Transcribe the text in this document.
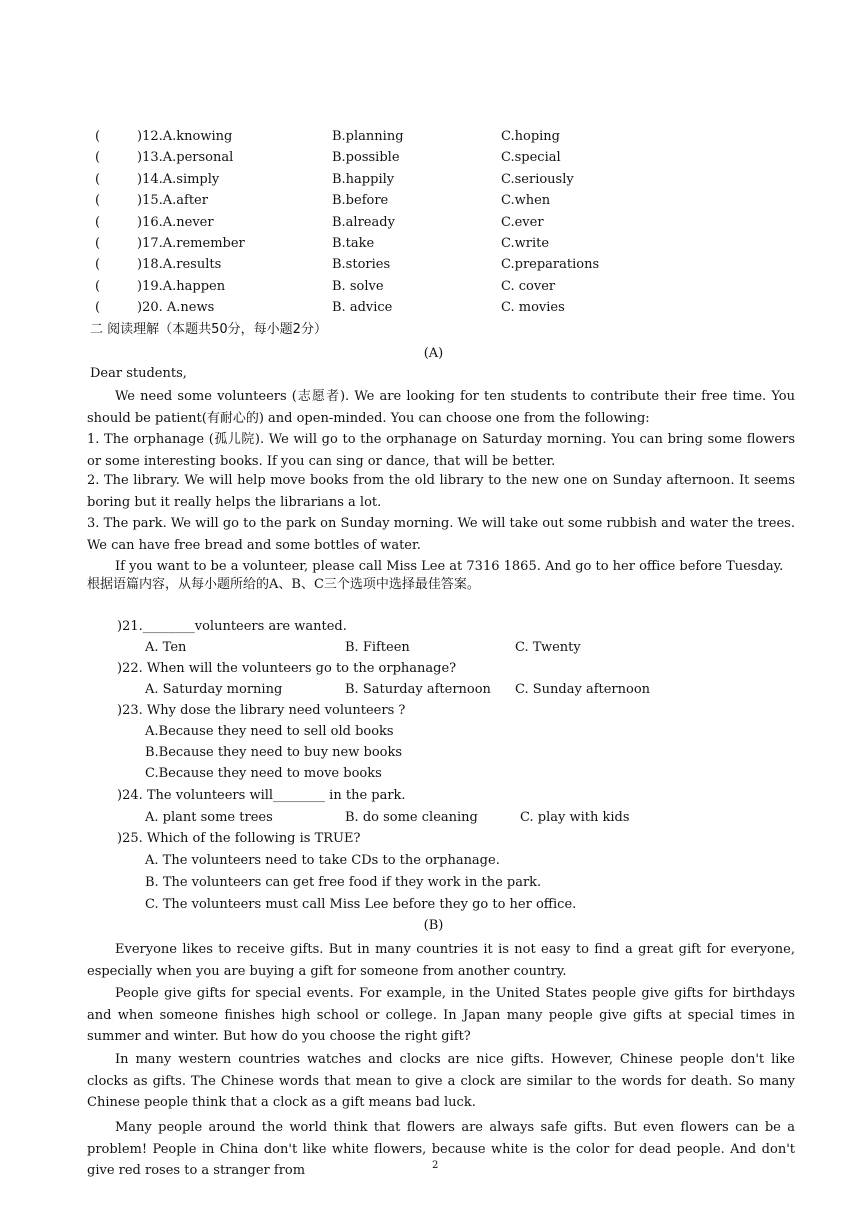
(	)12.A.knowing	B.planning	C.hoping
(	)13.A.personal	B.possible	C.special
(	)14.A.simply	B.happily	C.seriously
(	)15.A.after	B.before	C.when
(	)16.A.never	B.already	C.ever
(	)17.A.remember	B.take	C.write
(	)18.A.results	B.stories	C.preparations
(	)19.A.happen	B. solve	C. cover
(	)20. A.news	B. advice	C. movies
二 阅读理解（本题共50分，每小题2分）
(A)
Dear students,
We need some volunteers (志愿者). We are looking for ten students to contribute their free time. You should be patient(有耐心的) and open-minded. You can choose one from the following:
1. The orphanage (孤儿院). We will go to the orphanage on Saturday morning. You can bring some flowers or some interesting books. If you can sing or dance, that will be better.
2. The library. We will help move books from the old library to the new one on Sunday afternoon. It seems boring but it really helps the librarians a lot.
3. The park. We will go to the park on Sunday morning. We will take out some rubbish and water the trees. We can have free bread and some bottles of water.
If you want to be a volunteer, please call Miss Lee at 7316 1865. And go to her office before Tuesday.
根据语篇内容，从每小题所给的A、B、C三个选项中选择最佳答案。
)21.________volunteers are wanted.
A. Ten	B. Fifteen	C. Twenty
)22. When will the volunteers go to the orphanage?
A. Saturday morning	B. Saturday afternoon C. Sunday afternoon
)23. Why dose the library need volunteers ?
A.Because they need to sell old books
B.Because they need to buy new books
C.Because they need to move books
)24. The volunteers will________ in the park.
A. plant some trees	B. do some cleaning	C. play with kids
)25. Which of the following is TRUE?
A. The volunteers need to take CDs to the orphanage.
B. The volunteers can get free food if they work in the park.
C. The volunteers must call Miss Lee before they go to her office.
(B)
Everyone likes to receive gifts. But in many countries it is not easy to find a great gift for everyone, especially when you are buying a gift for someone from another country.
People give gifts for special events. For example, in the United States people give gifts for birthdays and when someone finishes high school or college. In Japan many people give gifts at special times in summer and winter. But how do you choose the right gift?
In many western countries watches and clocks are nice gifts. However, Chinese people don't like clocks as gifts. The Chinese words that mean to give a clock are similar to the words for death. So many Chinese people think that a clock as a gift means bad luck.
Many people around the world think that flowers are always safe gifts. But even flowers can be a problem! People in China don't like white flowers, because white is the color for dead people. And don't give red roses to a stranger from	2
